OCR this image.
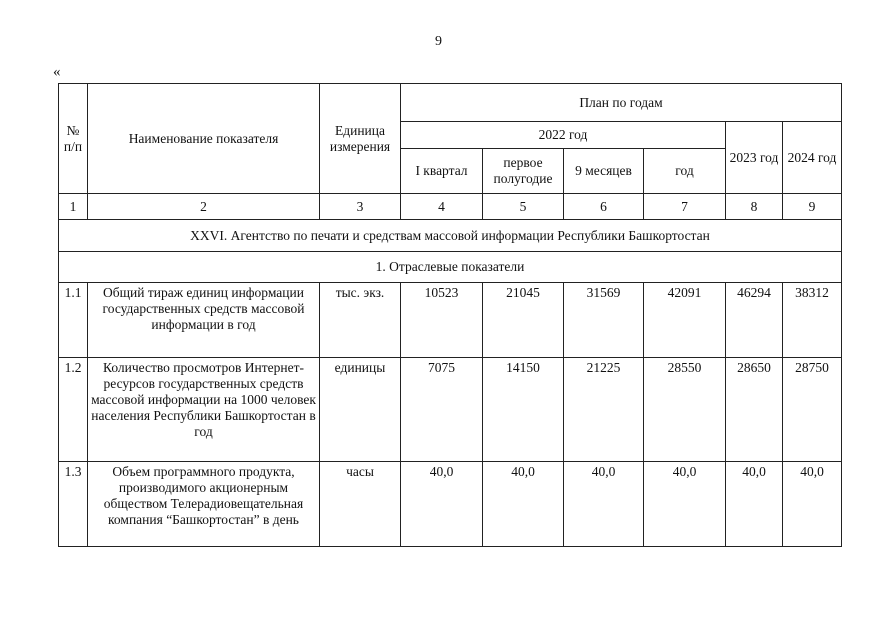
9
«
№ п/п	Наименование показателя	Единица измерения	План по годам					
			2022 год				2023 год	2024 год
			I квартал	первое полугодие	9 месяцев	год		
1	2	3	4	5	6	7	8	9
XXVI. Агентство по печати и средствам массовой информации Республики Башкортостан								
1. Отраслевые показатели								
1.1	Общий тираж единиц информации государственных средств массовой информации в год	тыс. экз.	10523	21045	31569	42091	46294	38312
1.2	Количество просмотров Интернет-ресурсов государственных средств массовой информации на 1000 человек населения Республики Башкортостан в год	единицы	7075	14150	21225	28550	28650	28750
1.3	Объем программного продукта, производимого акционерным обществом Телерадиовещательная компания “Башкортостан” в день	часы	40,0	40,0	40,0	40,0	40,0	40,0
